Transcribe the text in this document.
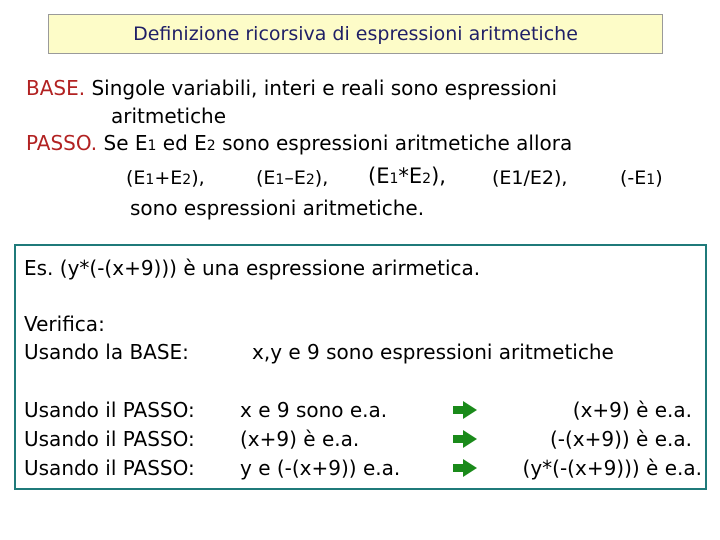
Definizione ricorsiva di espressioni aritmetiche
BASE. Singole variabili, interi e reali sono espressioni
aritmetiche
PASSO. Se E1 ed E2 sono espressioni aritmetiche allora
(E1+E2),	(E1–E2), (E1*E2), (E1/E2),	(-E1)
sono espressioni aritmetiche.
Es. (y*(-(x+9))) è una espressione arirmetica.
Verifica:
Usando la BASE:	x,y e 9 sono espressioni aritmetiche
Usando il PASSO: x e 9 sono e.a.	(x+9) è e.a.
Usando il PASSO: (x+9) è e.a.	(-(x+9)) è e.a.
Usando il PASSO: y e (-(x+9)) e.a.	(y*(-(x+9))) è e.a.
